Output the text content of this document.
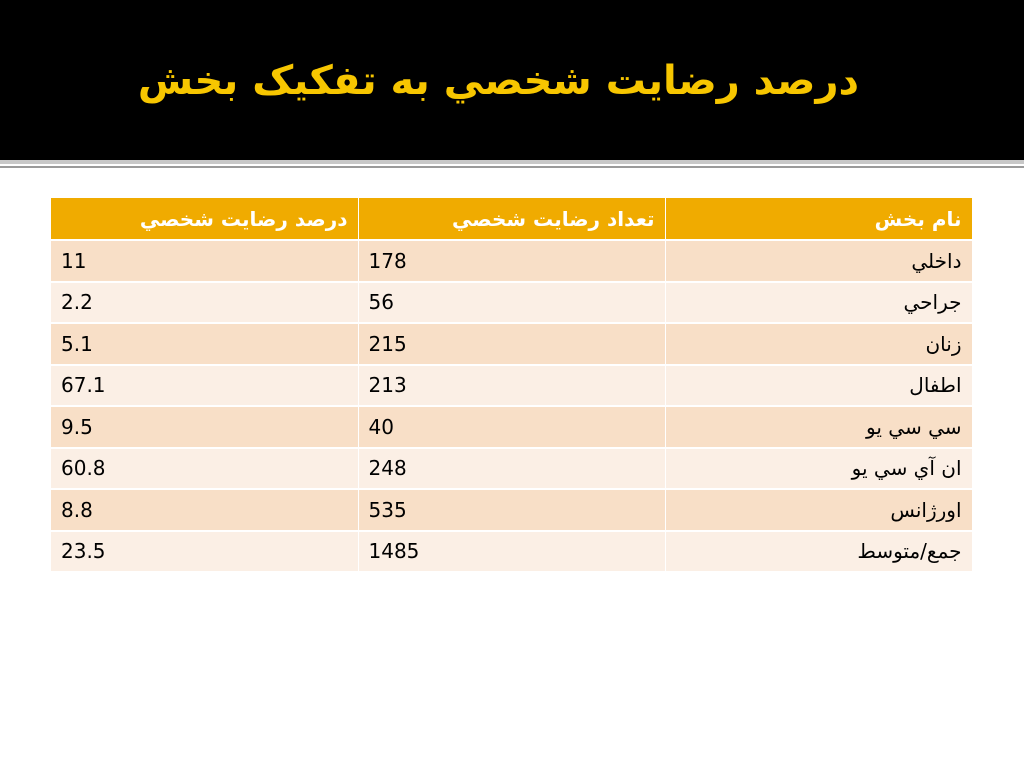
درصد رضايت شخصي به تفکيک بخش
درصد رضايت شخصي	تعداد رضايت شخصي	نام بخش
11	178	داخلي
2.2	56	جراحي
5.1	215	زنان
67.1	213	اطفال
9.5	40	سي سي يو
60.8	248	ان آي سي يو
8.8	535	اورژانس
23.5	1485	جمع/متوسط
